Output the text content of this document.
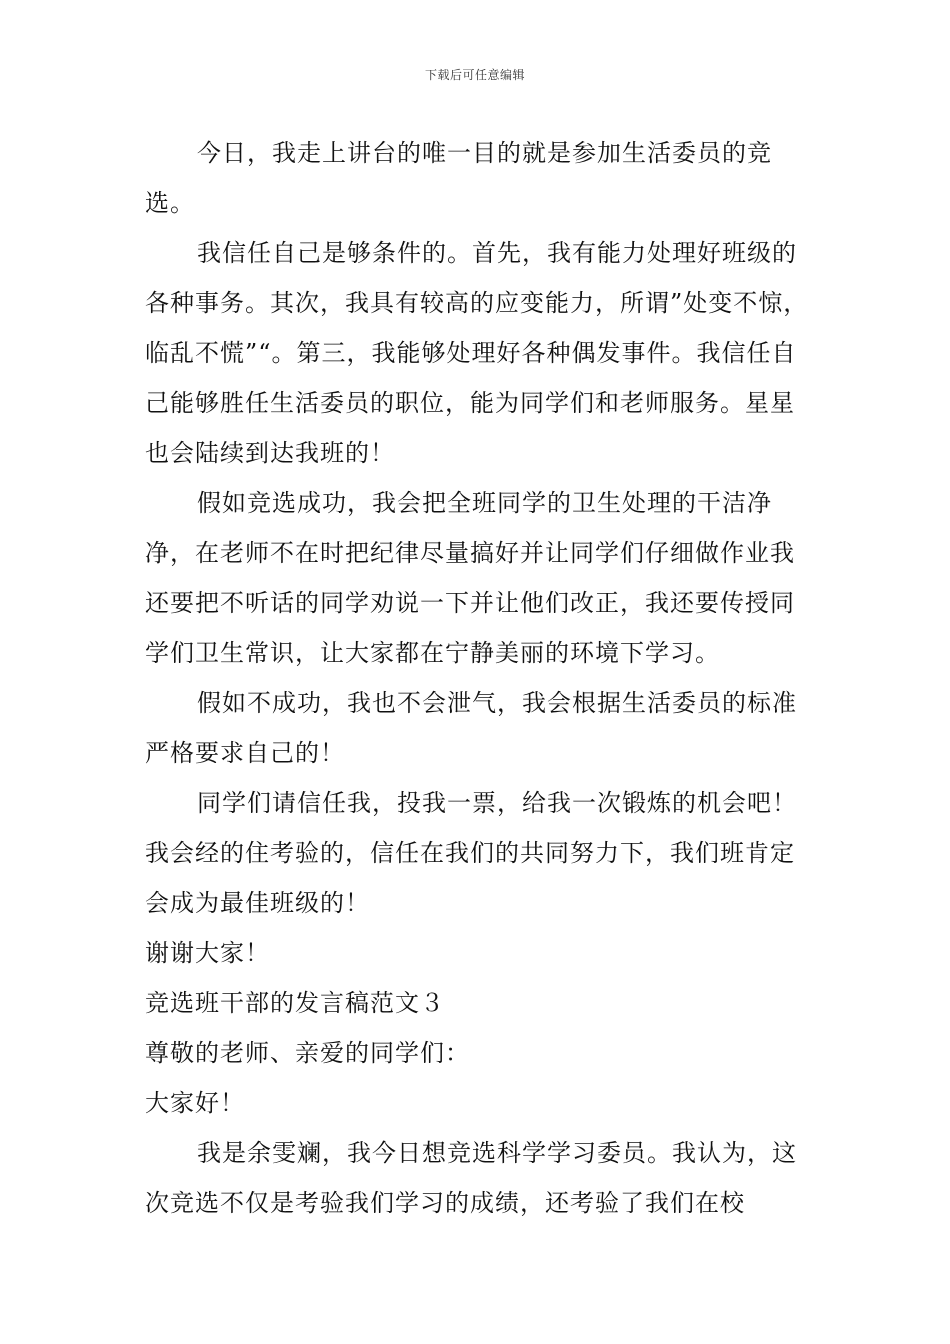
下载后可任意编辑

今日，我走上讲台的唯一目的就是参加生活委员的竞选。

我信任自己是够条件的。首先，我有能力处理好班级的各种事务。其次，我具有较高的应变能力，所谓”处变不惊，临乱不慌”“。第三，我能够处理好各种偶发事件。我信任自己能够胜任生活委员的职位，能为同学们和老师服务。星星也会陆续到达我班的！

假如竞选成功，我会把全班同学的卫生处理的干洁净净，在老师不在时把纪律尽量搞好并让同学们仔细做作业我还要把不听话的同学劝说一下并让他们改正，我还要传授同学们卫生常识，让大家都在宁静美丽的环境下学习。

假如不成功，我也不会泄气，我会根据生活委员的标准严格要求自己的！

同学们请信任我，投我一票，给我一次锻炼的机会吧！我会经的住考验的，信任在我们的共同努力下，我们班肯定会成为最佳班级的！

谢谢大家！

竞选班干部的发言稿范文３

尊敬的老师、亲爱的同学们：

大家好！

我是余雯斓，我今日想竞选科学学习委员。我认为，这次竞选不仅是考验我们学习的成绩，还考验了我们在校
